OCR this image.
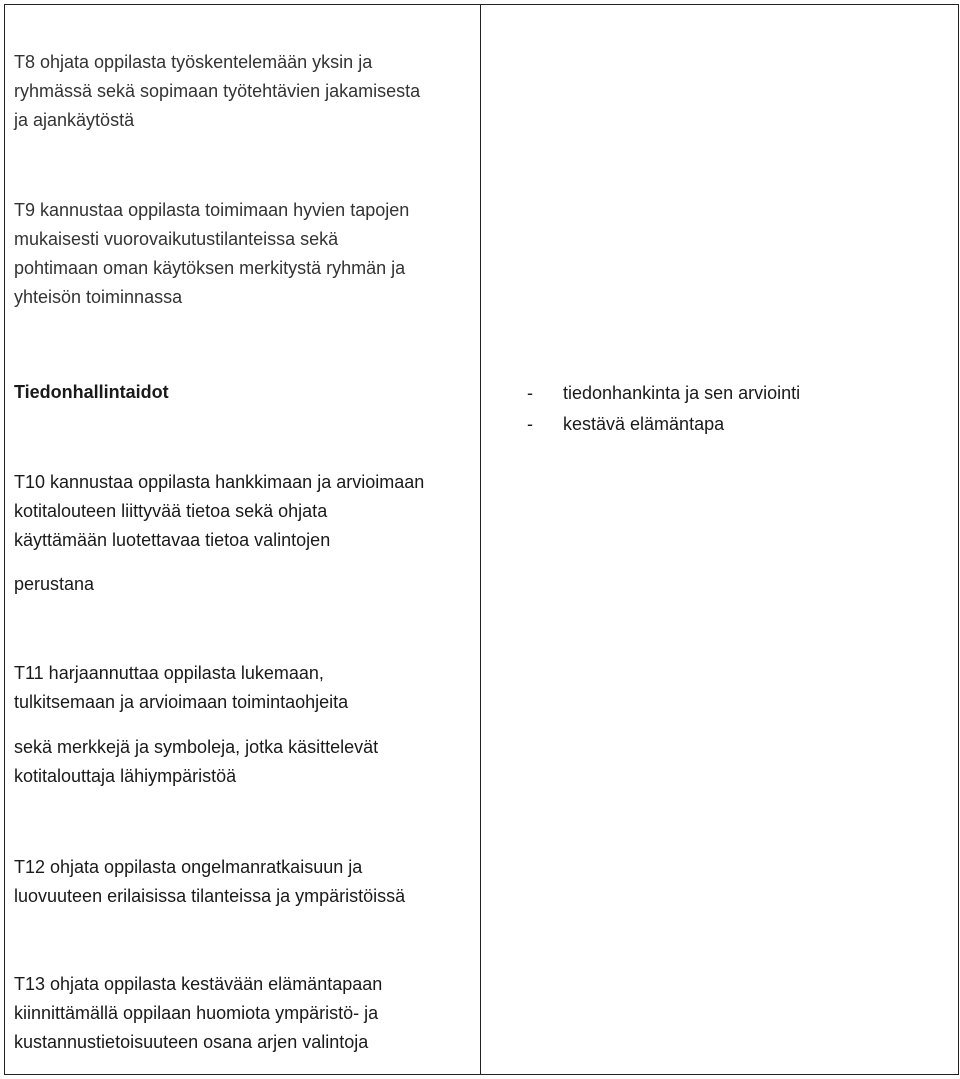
T8 ohjata oppilasta työskentelemään yksin ja
ryhmässä sekä sopimaan työtehtävien jakamisesta
ja ajankäytöstä
T9 kannustaa oppilasta toimimaan hyvien tapojen
mukaisesti vuorovaikutustilanteissa sekä
pohtimaan oman käytöksen merkitystä ryhmän ja
yhteisön toiminnassa
Tiedonhallintaidot
-	tiedonhankinta ja sen arviointi
- kestävä elämäntapa
T10 kannustaa oppilasta hankkimaan ja arvioimaan
kotitalouteen liittyvää tietoa sekä ohjata
käyttämään luotettavaa tietoa valintojen
perustana
T11 harjaannuttaa oppilasta lukemaan,
tulkitsemaan ja arvioimaan toimintaohjeita
sekä merkkejä ja symboleja, jotka käsittelevät
kotitalouttaja lähiympäristöä
T12 ohjata oppilasta ongelmanratkaisuun ja
luovuuteen erilaisissa tilanteissa ja ympäristöissä
T13 ohjata oppilasta kestävään elämäntapaan
kiinnittämällä oppilaan huomiota ympäristö- ja
kustannustietoisuuteen osana arjen valintoja
